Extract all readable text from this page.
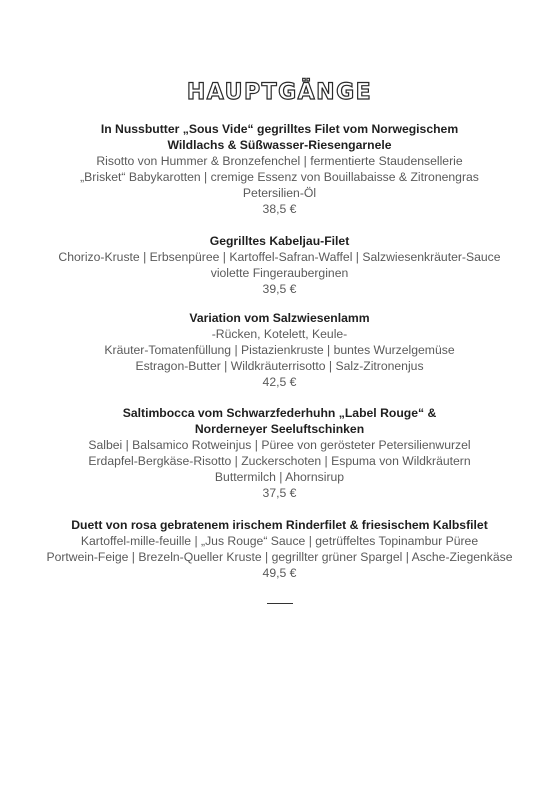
HAUPTGÄNGE

In Nussbutter „Sous Vide“ gegrilltes Filet vom Norwegischem

Wildlachs & Süßwasser-Riesengarnele

Risotto von Hummer & Bronzefenchel | fermentierte Staudensellerie

„Brisket“ Babykarotten | cremige Essenz von Bouillabaisse & Zitronengras

Petersilien-Öl

38,5 €

Gegrilltes Kabeljau-Filet

Chorizo-Kruste | Erbsenpüree | Kartoffel-Safran-Waffel | Salzwiesenkräuter-Sauce

violette Fingerauberginen

39,5 €

Variation vom Salzwiesenlamm

-Rücken, Kotelett, Keule-

Kräuter-Tomatenfüllung | Pistazienkruste | buntes Wurzelgemüse

Estragon-Butter | Wildkräuterrisotto | Salz-Zitronenjus

42,5 €

Saltimbocca vom Schwarzfederhuhn „Label Rouge“ &

Norderneyer Seeluftschinken

Salbei | Balsamico Rotweinjus | Püree von gerösteter Petersilienwurzel

Erdapfel-Bergkäse-Risotto | Zuckerschoten | Espuma von Wildkräutern

Buttermilch | Ahornsirup

37,5 €

Duett von rosa gebratenem irischem Rinderfilet & friesischem Kalbsfilet

Kartoffel-mille-feuille | „Jus Rouge“ Sauce | getrüffeltes Topinambur Püree

Portwein-Feige | Brezeln-Queller Kruste | gegrillter grüner Spargel | Asche-Ziegenkäse

49,5 €
